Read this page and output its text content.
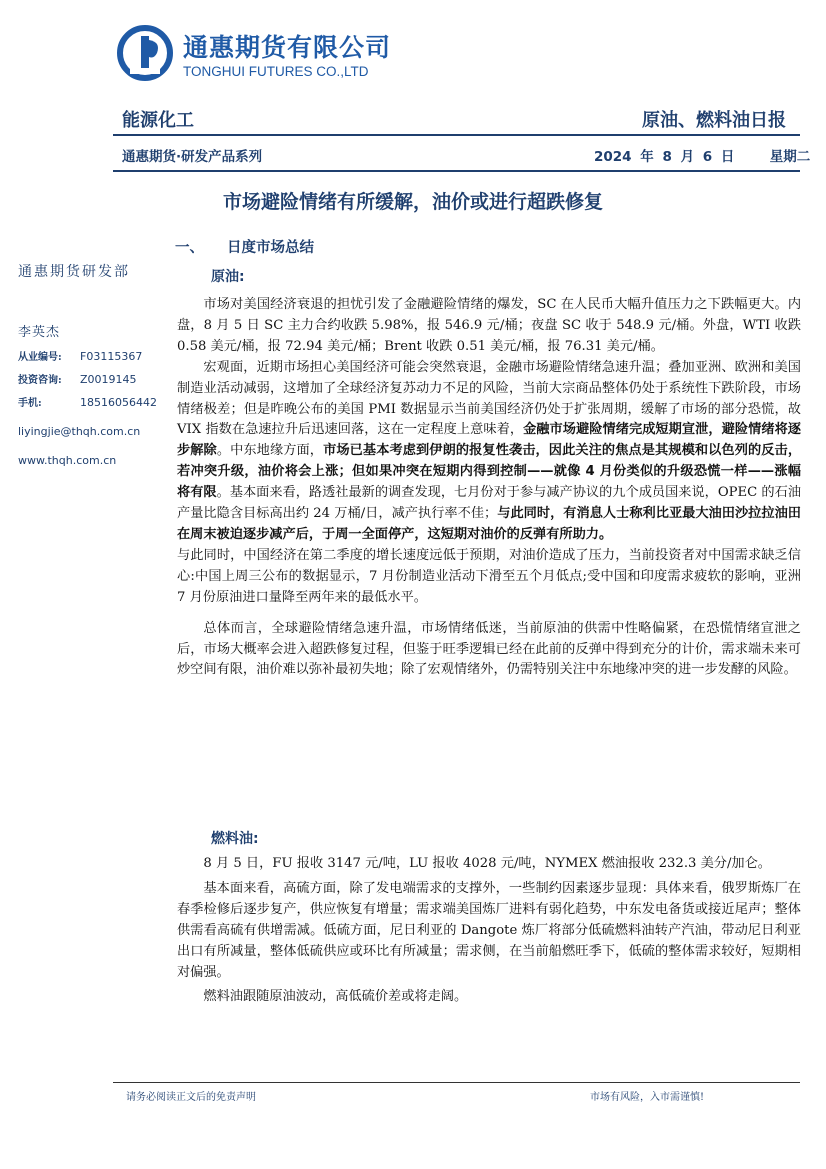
通惠期货有限公司
TONGHUI FUTURES CO.,LTD
能源化工	原油、燃料油日报
通惠期货·研发产品系列	2024 年 8 月 6 日	星期二
市场避险情绪有所缓解，油价或进行超跌修复
通惠期货研发部
李英杰
从业编号: F03115367
投资咨询: Z0019145
手机:	18516056442
liyingjie@thqh.com.cn
www.thqh.com.cn
一、 日度市场总结
原油:

市场对美国经济衰退的担忧引发了金融避险情绪的爆发，SC 在人民币大幅升值压力之下跌幅更大。内盘，8 月 5 日 SC 主力合约收跌 5.98%，报 546.9 元/桶；夜盘 SC 收于 548.9 元/桶。外盘，WTI 收跌 0.58 美元/桶，报 72.94 美元/桶；Brent 收跌 0.51 美元/桶，报 76.31 美元/桶。

宏观面，近期市场担心美国经济可能会突然衰退，金融市场避险情绪急速升温；叠加亚洲、欧洲和美国制造业活动减弱，这增加了全球经济复苏动力不足的风险，当前大宗商品整体仍处于系统性下跌阶段，市场情绪极差；但是昨晚公布的美国 PMI 数据显示当前美国经济仍处于扩张周期，缓解了市场的部分恐慌，故 VIX 指数在急速拉升后迅速回落，这在一定程度上意味着，金融市场避险情绪完成短期宣泄，避险情绪将逐步解除。中东地缘方面，市场已基本考虑到伊朗的报复性袭击，因此关注的焦点是其规模和以色列的反击，若冲突升级，油价将会上涨；但如果冲突在短期内得到控制——就像 4 月份类似的升级恐慌一样——涨幅将有限。基本面来看，路透社最新的调查发现，七月份对于参与减产协议的九个成员国来说，OPEC 的石油产量比隐含目标高出约 24 万桶/日，减产执行率不佳；与此同时，有消息人士称利比亚最大油田沙拉拉油田在周末被迫逐步减产后，于周一全面停产，这短期对油价的反弹有所助力。

与此同时，中国经济在第二季度的增长速度远低于预期，对油价造成了压力，当前投资者对中国需求缺乏信心:中国上周三公布的数据显示，7 月份制造业活动下滑至五个月低点;受中国和印度需求疲软的影响，亚洲 7 月份原油进口量降至两年来的最低水平。

总体而言，全球避险情绪急速升温，市场情绪低迷，当前原油的供需中性略偏紧，在恐慌情绪宣泄之后，市场大概率会进入超跌修复过程，但鉴于旺季逻辑已经在此前的反弹中得到充分的计价，需求端未来可炒空间有限，油价难以弥补最初失地；除了宏观情绪外，仍需特别关注中东地缘冲突的进一步发酵的风险。

燃料油:

8 月 5 日，FU 报收 3147 元/吨，LU 报收 4028 元/吨，NYMEX 燃油报收 232.3 美分/加仑。

基本面来看，高硫方面，除了发电端需求的支撑外，一些制约因素逐步显现：具体来看，俄罗斯炼厂在春季检修后逐步复产，供应恢复有增量；需求端美国炼厂进料有弱化趋势，中东发电备货或接近尾声；整体供需看高硫有供增需减。低硫方面，尼日利亚的 Dangote 炼厂将部分低硫燃料油转产汽油，带动尼日利亚出口有所减量，整体低硫供应或环比有所减量；需求侧，在当前船燃旺季下，低硫的整体需求较好，短期相对偏强。

燃料油跟随原油波动，高低硫价差或将走阔。

请务必阅读正文后的免责声明	市场有风险，入市需谨慎!
